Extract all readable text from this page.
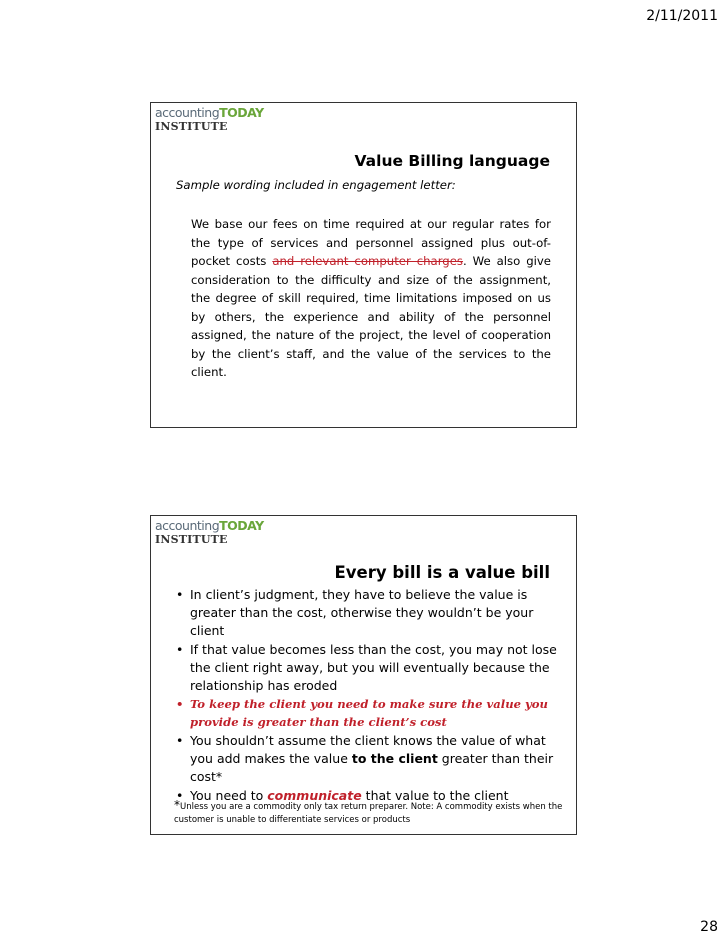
2/11/2011
accountingTODAY
INSTITUTE
Value Billing language
Sample wording included in engagement letter:
We base our fees on time required at our regular rates for the type of services and personnel assigned plus out-of-pocket costs and relevant computer charges. We also give consideration to the difficulty and size of the assignment, the degree of skill required, time limitations imposed on us by others, the experience and ability of the personnel assigned, the nature of the project, the level of cooperation by the client’s staff, and the value of the services to the client.
accountingTODAY
INSTITUTE
Every bill is a value bill
• In client’s judgment, they have to believe the value is greater than the cost, otherwise they wouldn’t be your client
• If that value becomes less than the cost, you may not lose the client right away, but you will eventually because the relationship has eroded
• To keep the client you need to make sure the value you provide is greater than the client’s cost
• You shouldn’t assume the client knows the value of what you add makes the value to the client greater than their cost*
• You need to communicate that value to the client
*Unless you are a commodity only tax return preparer. Note: A commodity exists when the customer is unable to differentiate services or products
28
